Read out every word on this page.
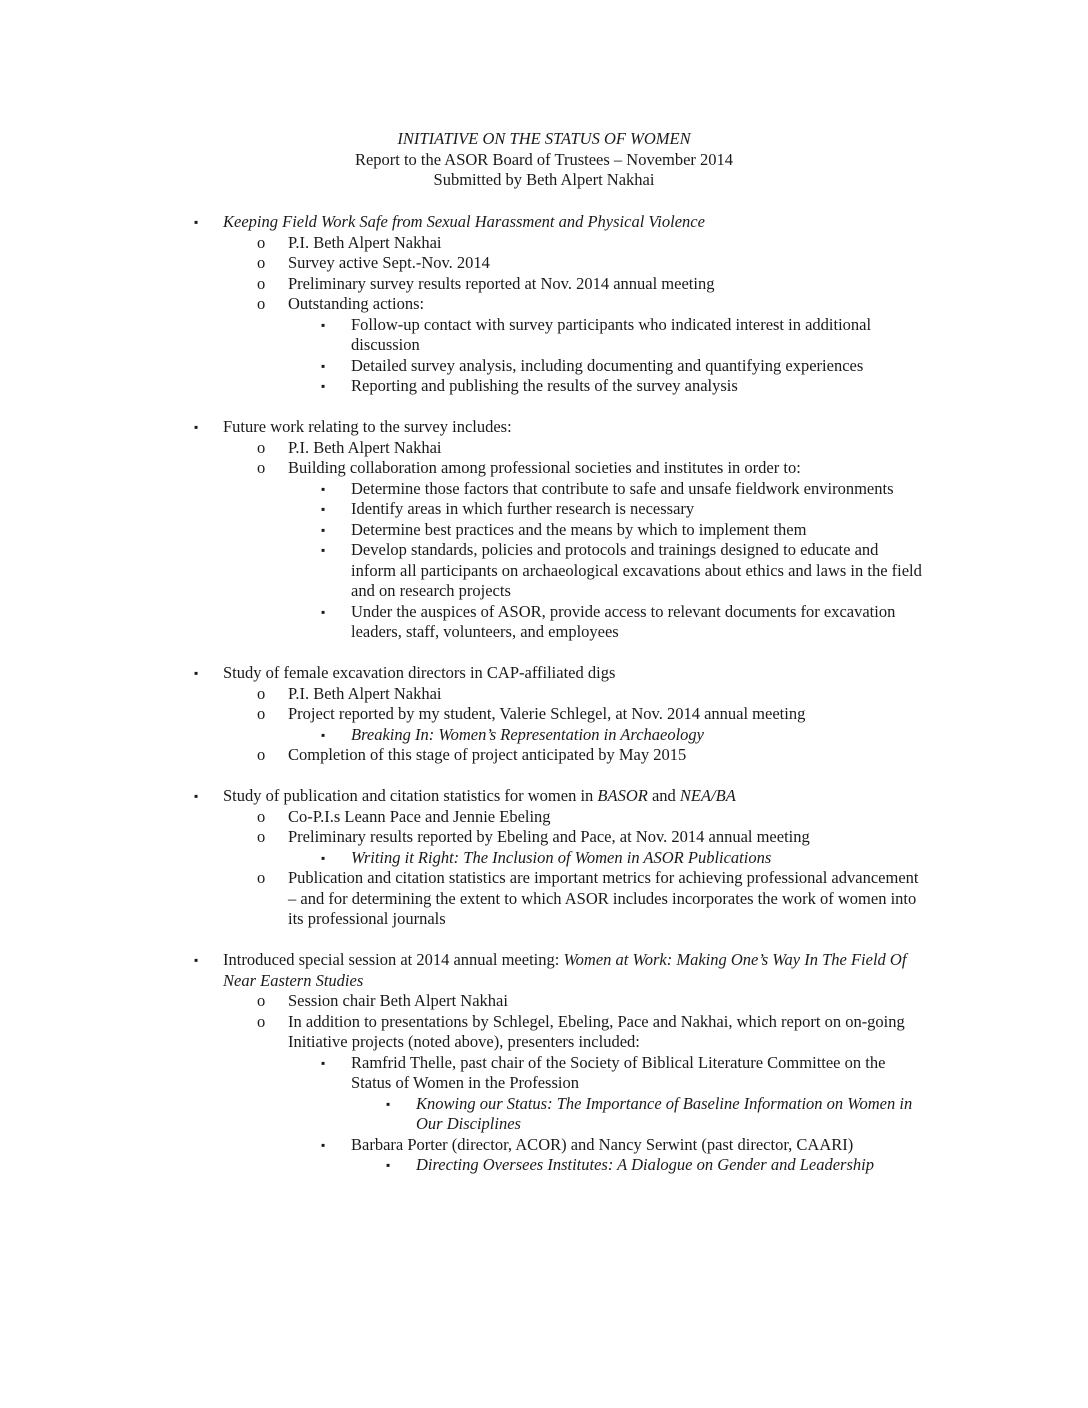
INITIATIVE ON THE STATUS OF WOMEN
Report to the ASOR Board of Trustees – November 2014
Submitted by Beth Alpert Nakhai
▪ Keeping Field Work Safe from Sexual Harassment and Physical Violence
o P.I. Beth Alpert Nakhai
o Survey active Sept.-Nov. 2014
o Preliminary survey results reported at Nov. 2014 annual meeting
o Outstanding actions:
▪ Follow-up contact with survey participants who indicated interest in additional discussion
▪ Detailed survey analysis, including documenting and quantifying experiences
▪ Reporting and publishing the results of the survey analysis
▪ Future work relating to the survey includes:
o P.I. Beth Alpert Nakhai
o Building collaboration among professional societies and institutes in order to:
▪ Determine those factors that contribute to safe and unsafe fieldwork environments
▪ Identify areas in which further research is necessary
▪ Determine best practices and the means by which to implement them
▪ Develop standards, policies and protocols and trainings designed to educate and inform all participants on archaeological excavations about ethics and laws in the field and on research projects
▪ Under the auspices of ASOR, provide access to relevant documents for excavation leaders, staff, volunteers, and employees
▪ Study of female excavation directors in CAP-affiliated digs
o P.I. Beth Alpert Nakhai
o Project reported by my student, Valerie Schlegel, at Nov. 2014 annual meeting
▪ Breaking In: Women’s Representation in Archaeology
o Completion of this stage of project anticipated by May 2015
▪ Study of publication and citation statistics for women in BASOR and NEA/BA
o Co-P.I.s Leann Pace and Jennie Ebeling
o Preliminary results reported by Ebeling and Pace, at Nov. 2014 annual meeting
▪ Writing it Right: The Inclusion of Women in ASOR Publications
o Publication and citation statistics are important metrics for achieving professional advancement – and for determining the extent to which ASOR includes incorporates the work of women into its professional journals
▪ Introduced special session at 2014 annual meeting: Women at Work: Making One’s Way In The Field Of Near Eastern Studies
o Session chair Beth Alpert Nakhai
o In addition to presentations by Schlegel, Ebeling, Pace and Nakhai, which report on on-going Initiative projects (noted above), presenters included:
▪ Ramfrid Thelle, past chair of the Society of Biblical Literature Committee on the Status of Women in the Profession
▪ Knowing our Status: The Importance of Baseline Information on Women in Our Disciplines
▪ Barbara Porter (director, ACOR) and Nancy Serwint (past director, CAARI)
▪ Directing Oversees Institutes: A Dialogue on Gender and Leadership
